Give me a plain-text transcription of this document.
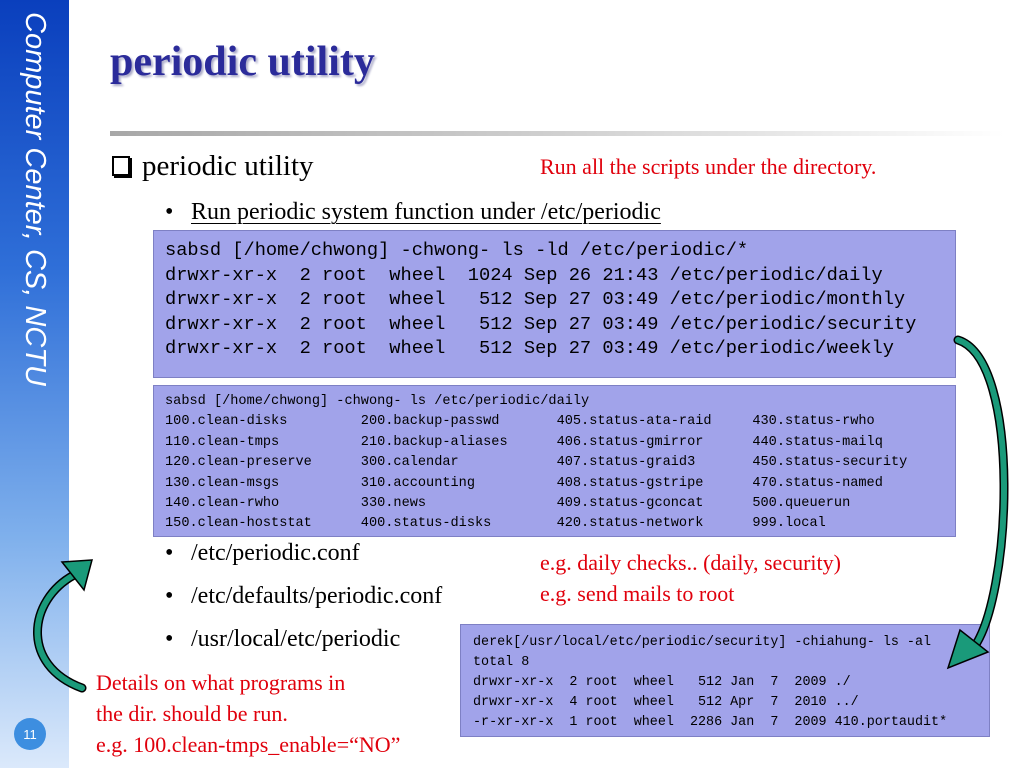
Computer Center, CS, NCTU
11
periodic utility
periodic utility	Run all the scripts under the directory.
• Run periodic system function under /etc/periodic
sabsd [/home/chwong] -chwong- ls -ld /etc/periodic/*
drwxr-xr-x  2 root  wheel  1024 Sep 26 21:43 /etc/periodic/daily
drwxr-xr-x  2 root  wheel   512 Sep 27 03:49 /etc/periodic/monthly
drwxr-xr-x  2 root  wheel   512 Sep 27 03:49 /etc/periodic/security
drwxr-xr-x  2 root  wheel   512 Sep 27 03:49 /etc/periodic/weekly
sabsd [/home/chwong] -chwong- ls /etc/periodic/daily
100.clean-disks         200.backup-passwd       405.status-ata-raid     430.status-rwho
110.clean-tmps          210.backup-aliases      406.status-gmirror      440.status-mailq
120.clean-preserve      300.calendar            407.status-graid3       450.status-security
130.clean-msgs          310.accounting          408.status-gstripe      470.status-named
140.clean-rwho          330.news                409.status-gconcat      500.queuerun
150.clean-hoststat      400.status-disks        420.status-network      999.local
• /etc/periodic.conf
• /etc/defaults/periodic.conf
• /usr/local/etc/periodic
e.g. daily checks.. (daily, security)
e.g. send mails to root
Details on what programs in
the dir. should be run.
e.g. 100.clean-tmps_enable=“NO”
derek[/usr/local/etc/periodic/security] -chiahung- ls -al
total 8
drwxr-xr-x  2 root  wheel   512 Jan  7  2009 ./
drwxr-xr-x  4 root  wheel   512 Apr  7  2010 ../
-r-xr-xr-x  1 root  wheel  2286 Jan  7  2009 410.portaudit*
